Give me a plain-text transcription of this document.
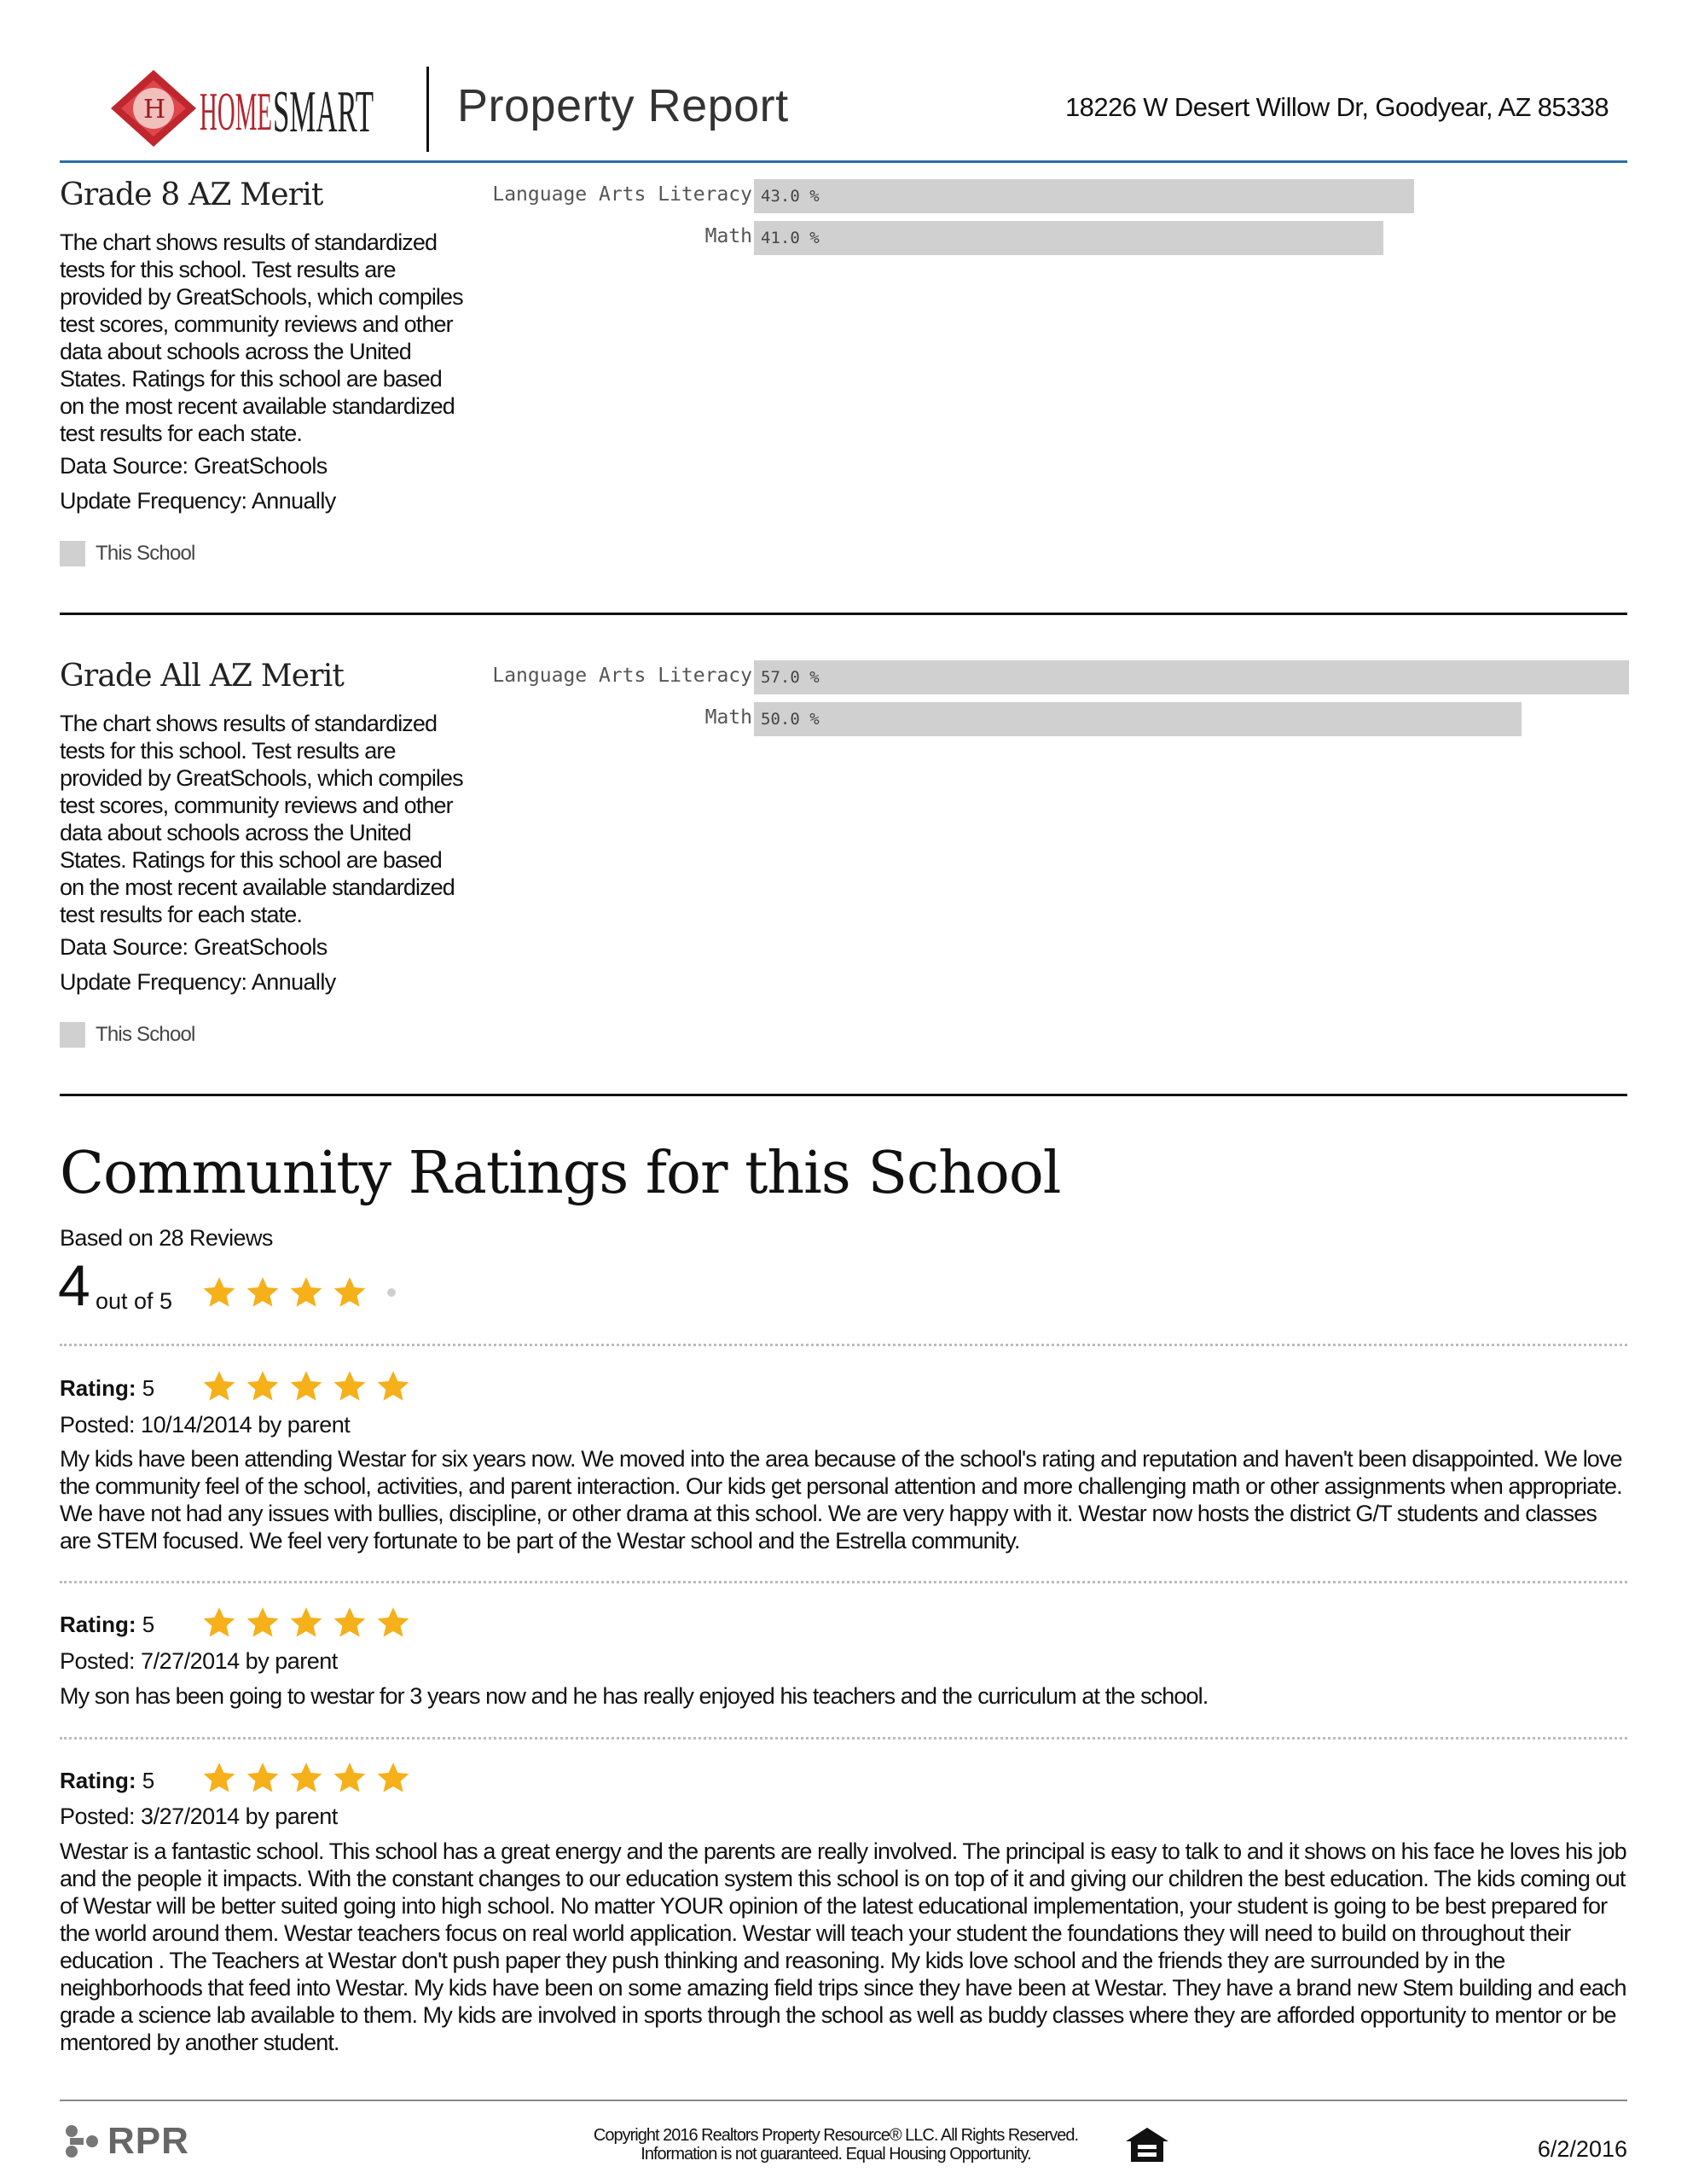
H HOME SMART Property Report	18226 W Desert Willow Dr, Goodyear, AZ 85338
Grade 8 AZ Merit
The chart shows results of standardized tests for this school. Test results are provided by GreatSchools, which compiles test scores, community reviews and other data about schools across the United States. Ratings for this school are based on the most recent available standardized test results for each state.
Data Source: GreatSchools
Update Frequency: Annually
This School
Language Arts Literacy 43.0 %
Math 41.0 %
Grade All AZ Merit
The chart shows results of standardized tests for this school. Test results are provided by GreatSchools, which compiles test scores, community reviews and other data about schools across the United States. Ratings for this school are based on the most recent available standardized test results for each state.
Data Source: GreatSchools
Update Frequency: Annually
This School
Language Arts Literacy 57.0 %
Math 50.0 %
Community Ratings for this School
Based on 28 Reviews
4 out of 5
Rating: 5
Posted: 10/14/2014 by parent
My kids have been attending Westar for six years now. We moved into the area because of the school's rating and reputation and haven't been disappointed. We love the community feel of the school, activities, and parent interaction. Our kids get personal attention and more challenging math or other assignments when appropriate. We have not had any issues with bullies, discipline, or other drama at this school. We are very happy with it. Westar now hosts the district G/T students and classes are STEM focused. We feel very fortunate to be part of the Westar school and the Estrella community.
Rating: 5
Posted: 7/27/2014 by parent
My son has been going to westar for 3 years now and he has really enjoyed his teachers and the curriculum at the school.
Rating: 5
Posted: 3/27/2014 by parent
Westar is a fantastic school. This school has a great energy and the parents are really involved. The principal is easy to talk to and it shows on his face he loves his job and the people it impacts. With the constant changes to our education system this school is on top of it and giving our children the best education. The kids coming out of Westar will be better suited going into high school. No matter YOUR opinion of the latest educational implementation, your student is going to be best prepared for the world around them. Westar teachers focus on real world application. Westar will teach your student the foundations they will need to build on throughout their education . The Teachers at Westar don't push paper they push thinking and reasoning. My kids love school and the friends they are surrounded by in the neighborhoods that feed into Westar. My kids have been on some amazing field trips since they have been at Westar. They have a brand new Stem building and each grade a science lab available to them. My kids are involved in sports through the school as well as buddy classes where they are afforded opportunity to mentor or be mentored by another student.
RPR	Copyright 2016 Realtors Property Resource® LLC. All Rights Reserved.
Information is not guaranteed. Equal Housing Opportunity.	6/2/2016
